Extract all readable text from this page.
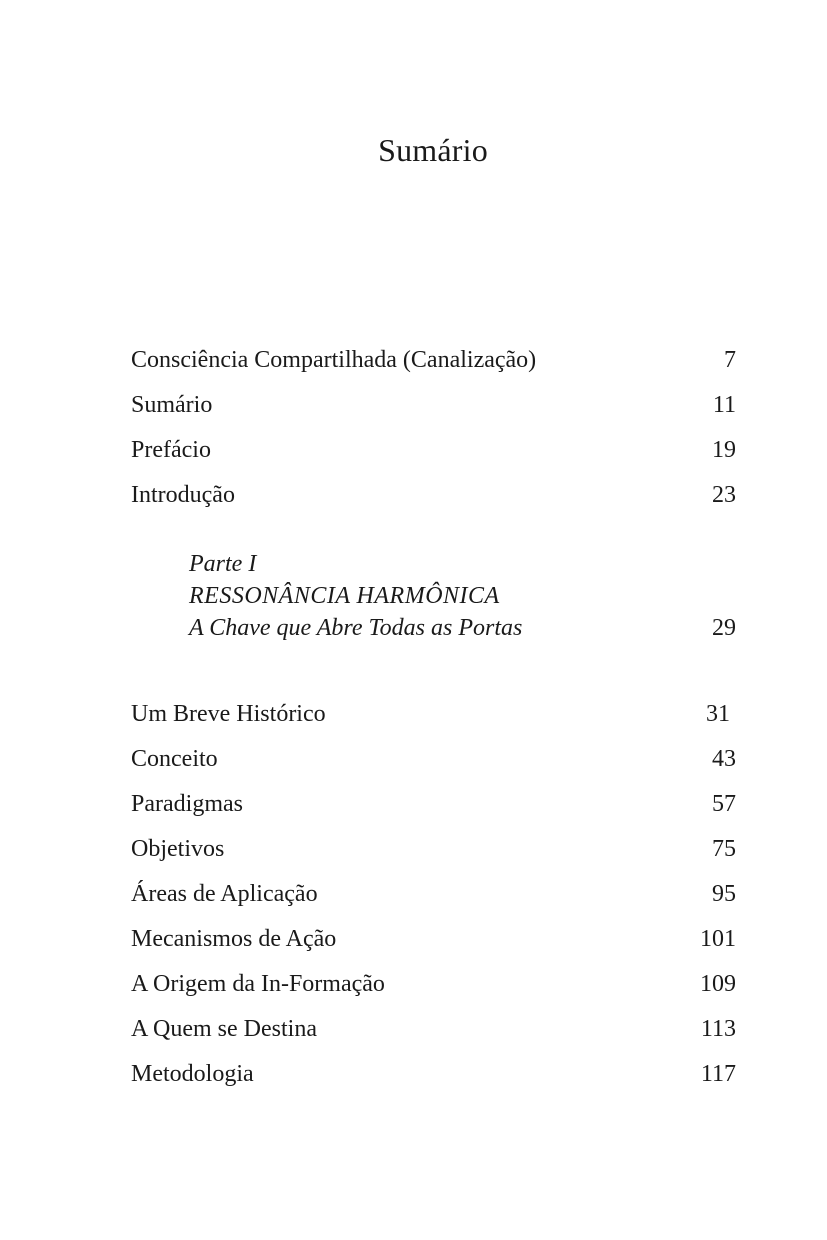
Sumário
Consciência Compartilhada (Canalização)	7
Sumário	11
Prefácio	19
Introdução	23
Parte I
RESSONÂNCIA HARMÔNICA
A Chave que Abre Todas as Portas	29
Um Breve Histórico	31
Conceito	43
Paradigmas	57
Objetivos	75
Áreas de Aplicação	95
Mecanismos de Ação	101
A Origem da In-Formação	109
A Quem se Destina	113
Metodologia	117
